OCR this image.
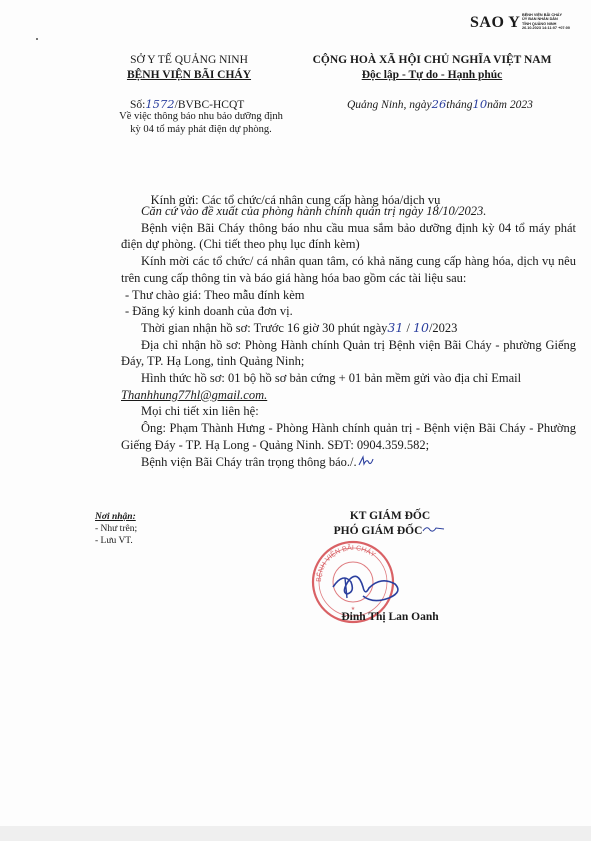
SAO Y BỆNH VIỆN BÃI CHÁY
ỦY BAN NHÂN DÂN
TỈNH QUẢNG NINH
26.10.2023 14:11:07 +07:00
SỞ Y TẾ QUẢNG NINH
BỆNH VIỆN BÃI CHÁY
CỘNG HOÀ XÃ HỘI CHỦ NGHĨA VIỆT NAM
Độc lập - Tự do - Hạnh phúc
Số:1572/BVBC-HCQT
Về việc thông báo nhu bảo dưỡng định
kỳ 04 tổ máy phát điện dự phòng.
Quảng Ninh, ngày26tháng10năm 2023
Kính gửi: Các tổ chức/cá nhân cung cấp hàng hóa/dịch vụ

Căn cứ vào đề xuất của phòng hành chính quản trị ngày 18/10/2023.

Bệnh viện Bãi Cháy thông báo nhu cầu mua sắm bảo dưỡng định kỳ 04 tổ máy phát điện dự phòng. (Chi tiết theo phụ lục đính kèm)

Kính mời các tổ chức/ cá nhân quan tâm, có khả năng cung cấp hàng hóa, dịch vụ nêu trên cung cấp thông tin và báo giá hàng hóa bao gồm các tài liệu sau:

- Thư chào giá: Theo mẫu đính kèm

- Đăng ký kinh doanh của đơn vị.

Thời gian nhận hồ sơ: Trước 16 giờ 30 phút ngày31 / 10/2023

Địa chỉ nhận hồ sơ: Phòng Hành chính Quản trị Bệnh viện Bãi Cháy - phường Giếng Đáy, TP. Hạ Long, tỉnh Quảng Ninh;

Hình thức hồ sơ: 01 bộ hồ sơ bản cứng + 01 bản mềm gửi vào địa chỉ Email

Thanhhung77hl@gmail.com.

Mọi chi tiết xin liên hệ:

Ông: Phạm Thành Hưng - Phòng Hành chính quản trị - Bệnh viện Bãi Cháy - Phường Giếng Đáy - TP. Hạ Long - Quảng Ninh. SĐT: 0904.359.582;

Bệnh viện Bãi Cháy trân trọng thông báo./.

Nơi nhận:
- Như trên;
- Lưu VT.
KT GIÁM ĐỐC
PHÓ GIÁM ĐỐC
BỆNH VIỆN BÃI CHÁY
★
Đinh Thị Lan Oanh
